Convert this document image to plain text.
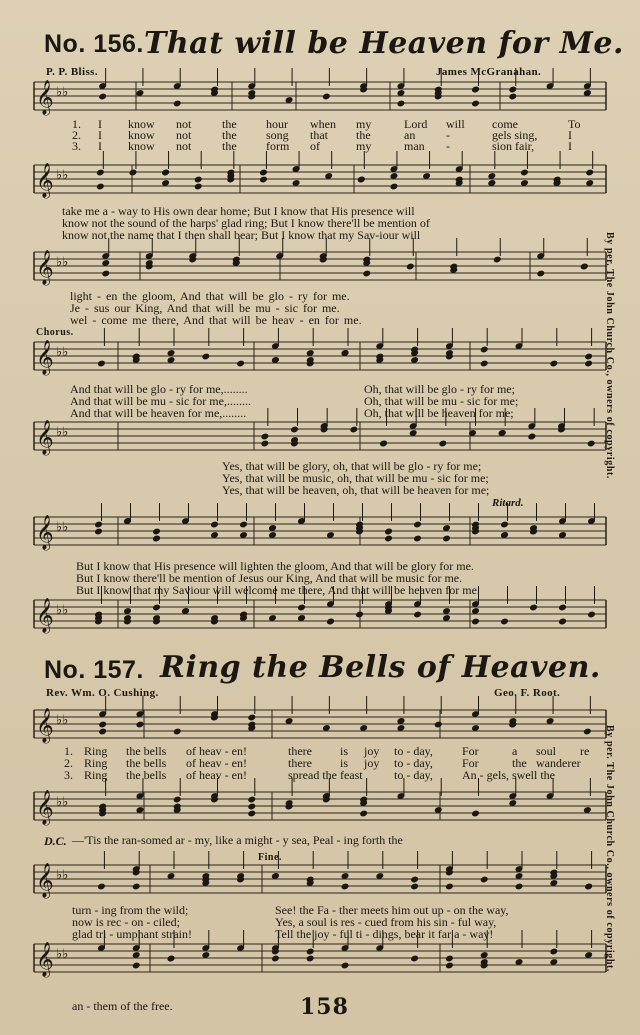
No. 156. That will be Heaven for Me.
P. P. Bliss.	James McGranahan.
𝄞 ♭♭
𝄞 ♭♭
𝄞 ♭♭
𝄞 ♭♭
𝄞 ♭♭
𝄞 ♭♭
𝄞 ♭♭
𝄞 ♭♭
𝄞 ♭♭
𝄞 ♭♭
𝄞 ♭♭
1. I know not	the hour when my	Lord will come	To
2. I know not	the song that the	an	-	gels sing,	I
3. I know not	the form of	my	man -	sion fair,	I
take me a - way to His own dear home; But I know that His presence will
know not the sound of the harps' glad ring; But I know there'll be mention of
know not the name that I then shall bear; But I know that my Sav-iour will
light - en the gloom, And that will be glo - ry for me.
Je - sus our King, And that will be mu - sic for me.
wel - come me there, And that will be heav - en for me.
Chorus.
And that will be glo - ry for me,........	Oh, that will be glo - ry for me;
And that will be mu - sic for me,........	Oh, that will be mu - sic for me;
And that will be heaven for me,........	Oh, that will be heaven for me;
Yes, that will be glory, oh, that will be glo - ry for me;
Yes, that will be music, oh, that will be mu - sic for me;
Yes, that will be heaven, oh, that will be heaven for me;
Ritard.
But I know that His presence will lighten the gloom, And that will be glory for me.
But I know there'll be mention of Jesus our King, And that will be music for me.
But I know that my Saviour will welcome me there, And that will be heaven for me.
No. 157. Ring the Bells of Heaven.
Rev. Wm. O. Cushing.	Geo. F. Root.
1. Ring the bells of heav - en!	there is joy to - day, For	a soul re
2. Ring the bells of heav - en!	there is joy to - day, For	the wanderer
3. Ring the bells of heav - en!	spread the feast	to - day, An - gels, swell the
D.C. —'Tis the ran-somed ar - my, like a might - y sea, Peal - ing forth the
Fine.
turn - ing from the wild;	See! the Fa - ther meets him out up - on the way,
now is rec - on - ciled;	Yes, a soul is res - cued from his sin - ful way,
glad tri - umphant strain!	Tell the joy - ful ti - dings, bear it far a - way!
an - them of the free.
By per. The John Church Co., owners of copyright.
By per. The John Church Co., owners of copyright.
158
